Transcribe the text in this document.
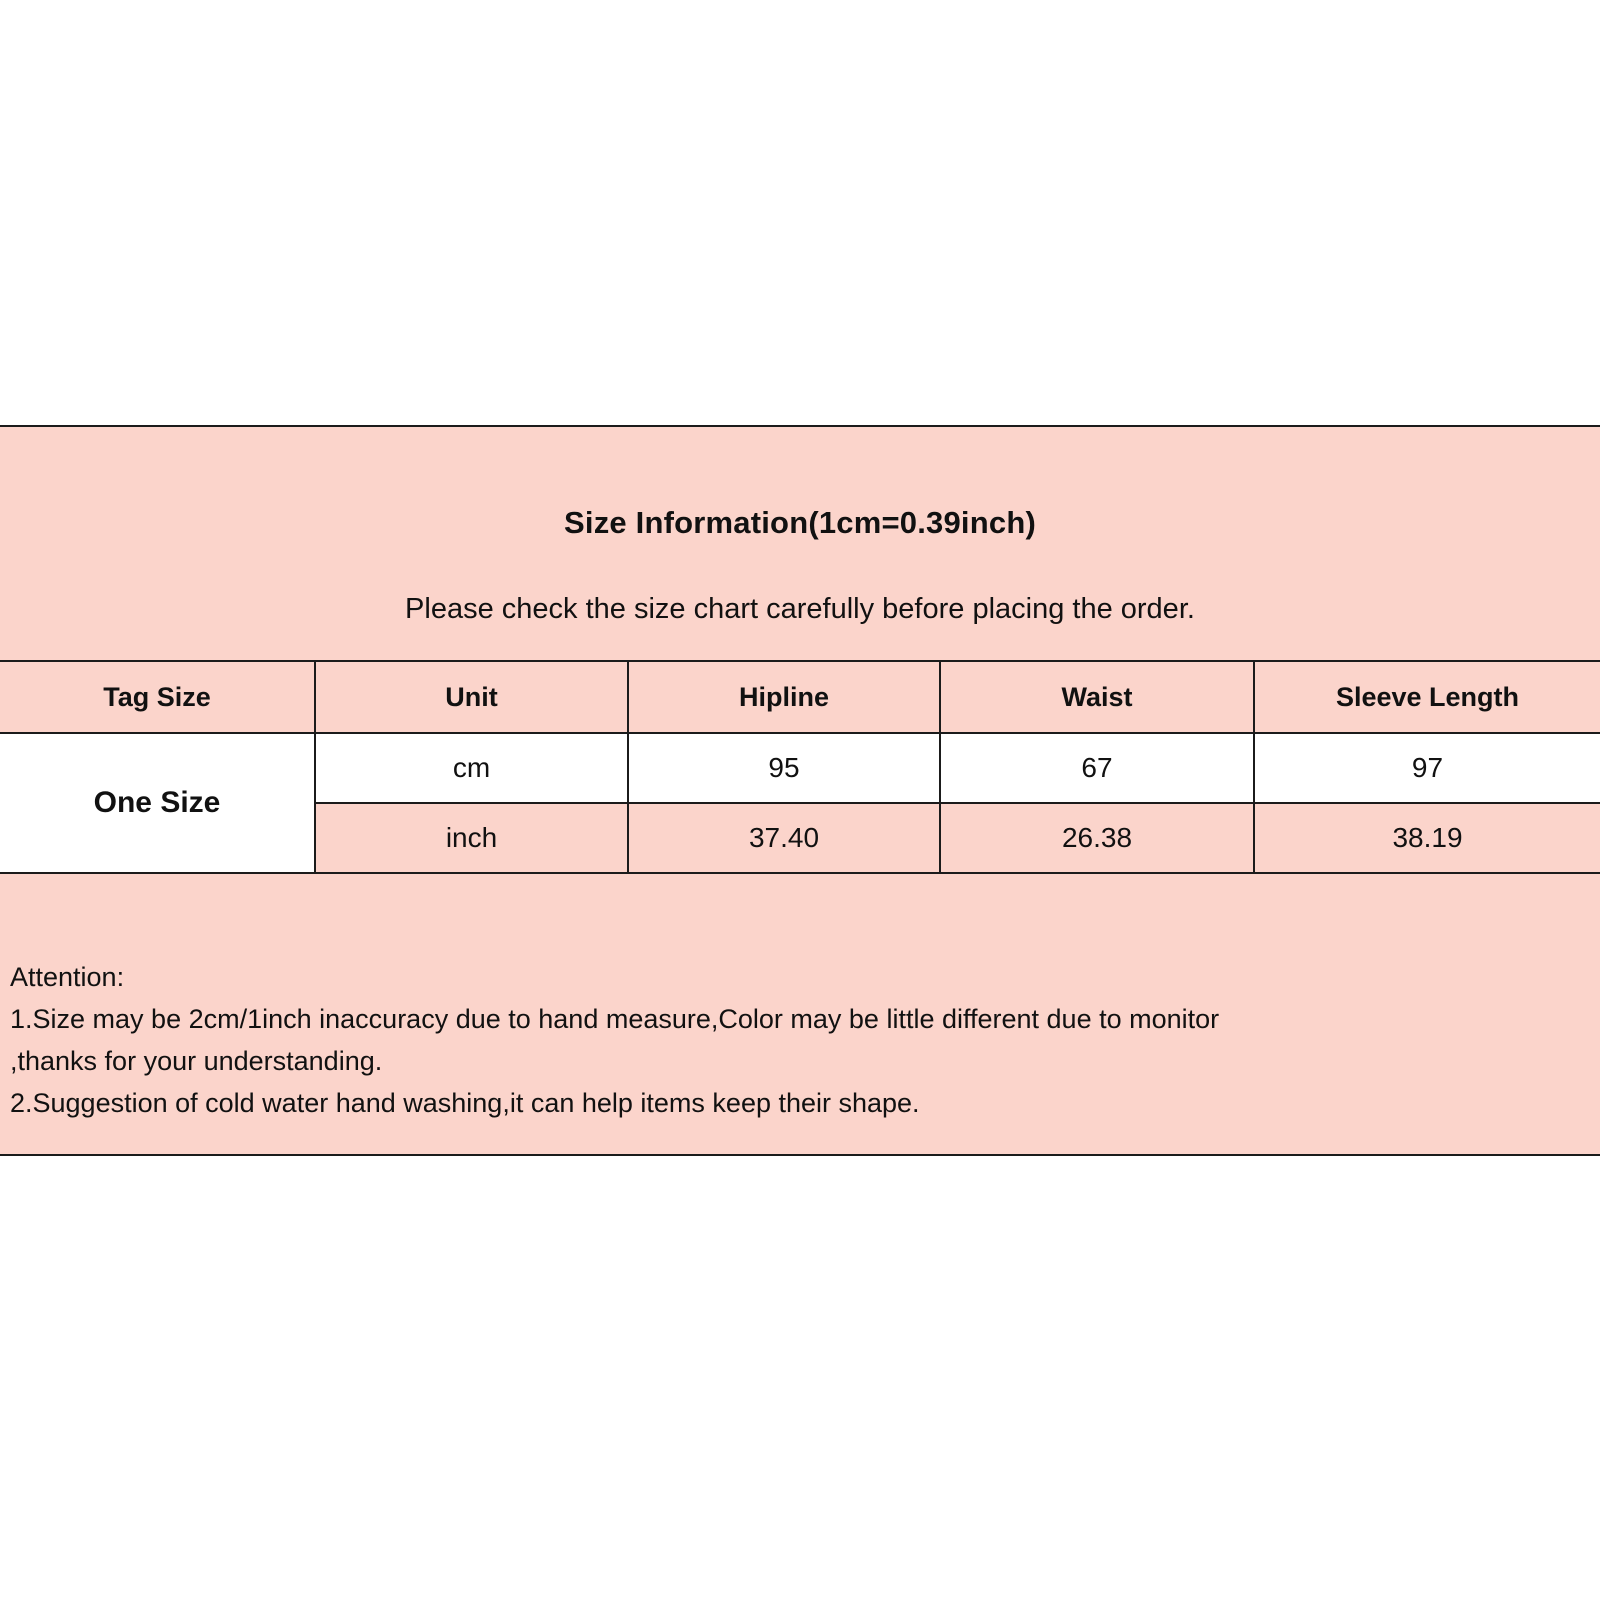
Size Information(1cm=0.39inch)
Please check the size chart carefully before placing the order.
Tag Size	Unit	Hipline	Waist	Sleeve Length
One Size	cm	95	67	97
	inch	37.40	26.38	38.19
Attention:
1.Size may be 2cm/1inch inaccuracy due to hand measure,Color may be little different due to monitor
,thanks for your understanding.
2.Suggestion of cold water hand washing,it can help items keep their shape.
